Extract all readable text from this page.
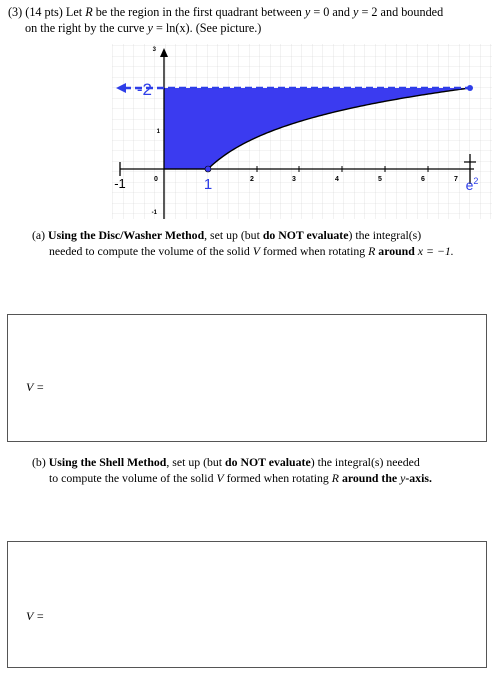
(3) (14 pts) Let R be the region in the first quadrant between y = 0 and y = 2 and bounded
on the right by the curve y = ln(x). (See picture.)
3
-2
1
-1
-1	0	1	2	3	4	5	6	7 $e^2$
(a) Using the Disc/Washer Method, set up (but do NOT evaluate) the integral(s)
needed to compute the volume of the solid V formed when rotating R around x = −1.
V =
(b) Using the Shell Method, set up (but do NOT evaluate) the integral(s) needed
to compute the volume of the solid V formed when rotating R around the y-axis.
V =
